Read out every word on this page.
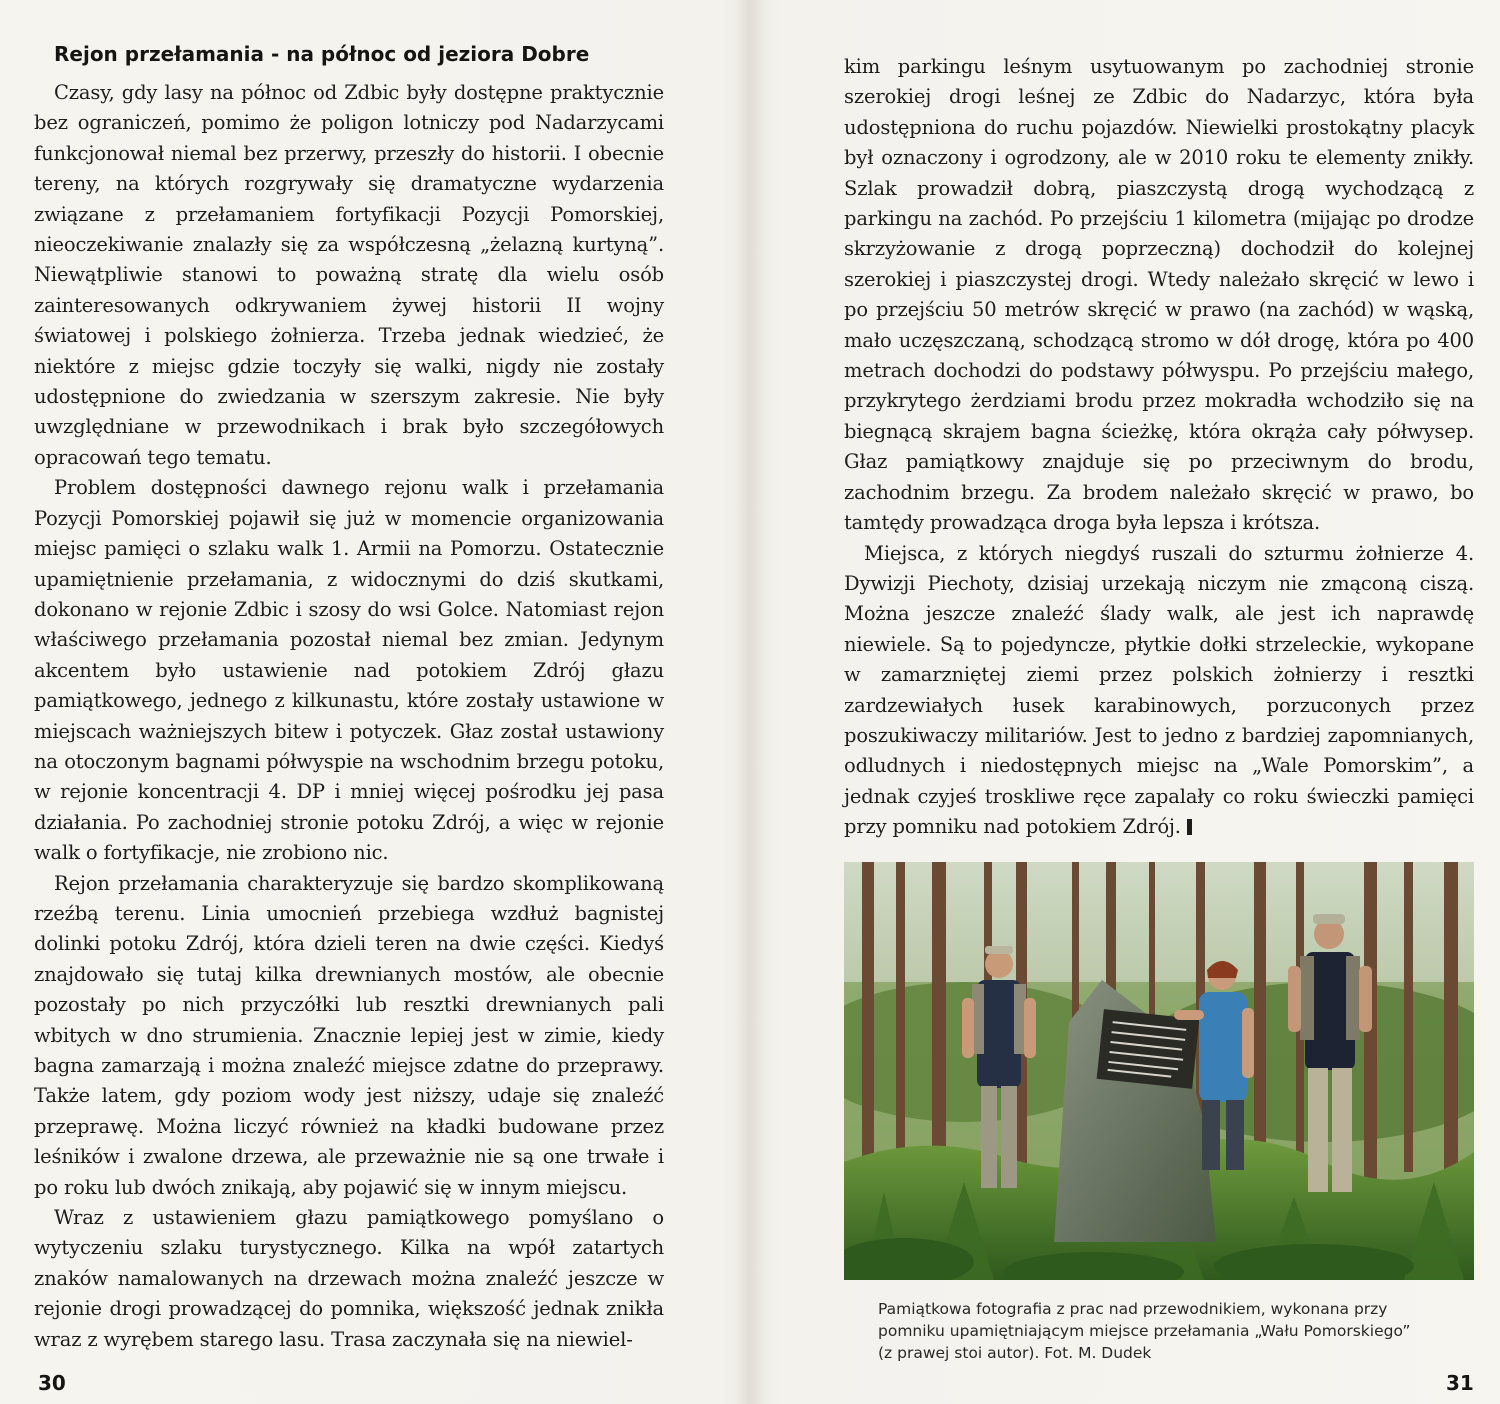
Rejon przełamania - na północ od jeziora Dobre

Czasy, gdy lasy na północ od Zdbic były dostępne praktycznie bez ograniczeń, pomimo że poligon lotniczy pod Nadarzycami funkcjonował niemal bez przerwy, przeszły do historii. I obecnie tereny, na których rozgrywały się dramatyczne wydarzenia związane z przełamaniem fortyfikacji Pozycji Pomorskiej, nieoczekiwanie znalazły się za współczesną „żelazną kurtyną”. Niewątpliwie stanowi to poważną stratę dla wielu osób zainteresowanych odkrywaniem żywej historii II wojny światowej i polskiego żołnierza. Trzeba jednak wiedzieć, że niektóre z miejsc gdzie toczyły się walki, nigdy nie zostały udostępnione do zwiedzania w szerszym zakresie. Nie były uwzględniane w przewodnikach i brak było szczegółowych opracowań tego tematu.

Problem dostępności dawnego rejonu walk i przełamania Pozycji Pomorskiej pojawił się już w momencie organizowania miejsc pamięci o szlaku walk 1. Armii na Pomorzu. Ostatecznie upamiętnienie przełamania, z widocznymi do dziś skutkami, dokonano w rejonie Zdbic i szosy do wsi Golce. Natomiast rejon właściwego przełamania pozostał niemal bez zmian. Jedynym akcentem było ustawienie nad potokiem Zdrój głazu pamiątkowego, jednego z kilkunastu, które zostały ustawione w miejscach ważniejszych bitew i potyczek. Głaz został ustawiony na otoczonym bagnami półwyspie na wschodnim brzegu potoku, w rejonie koncentracji 4. DP i mniej więcej pośrodku jej pasa działania. Po zachodniej stronie potoku Zdrój, a więc w rejonie walk o fortyfikacje, nie zrobiono nic.

Rejon przełamania charakteryzuje się bardzo skomplikowaną rzeźbą terenu. Linia umocnień przebiega wzdłuż bagnistej dolinki potoku Zdrój, która dzieli teren na dwie części. Kiedyś znajdowało się tutaj kilka drewnianych mostów, ale obecnie pozostały po nich przyczółki lub resztki drewnianych pali wbitych w dno strumienia. Znacznie lepiej jest w zimie, kiedy bagna zamarzają i można znaleźć miejsce zdatne do przeprawy. Także latem, gdy poziom wody jest niższy, udaje się znaleźć przeprawę. Można liczyć również na kładki budowane przez leśników i zwalone drzewa, ale przeważnie nie są one trwałe i po roku lub dwóch znikają, aby pojawić się w innym miejscu.

Wraz z ustawieniem głazu pamiątkowego pomyślano o wytyczeniu szlaku turystycznego. Kilka na wpół zatartych znaków namalowanych na drzewach można znaleźć jeszcze w rejonie drogi prowadzącej do pomnika, większość jednak znikła wraz z wyrębem starego lasu. Trasa zaczynała się na niewiel-

30

kim parkingu leśnym usytuowanym po zachodniej stronie szerokiej drogi leśnej ze Zdbic do Nadarzyc, która była udostępniona do ruchu pojazdów. Niewielki prostokątny placyk był oznaczony i ogrodzony, ale w 2010 roku te elementy znikły. Szlak prowadził dobrą, piaszczystą drogą wychodzącą z parkingu na zachód. Po przejściu 1 kilometra (mijając po drodze skrzyżowanie z drogą poprzeczną) dochodził do kolejnej szerokiej i piaszczystej drogi. Wtedy należało skręcić w lewo i po przejściu 50 metrów skręcić w prawo (na zachód) w wąską, mało uczęszczaną, schodzącą stromo w dół drogę, która po 400 metrach dochodzi do podstawy półwyspu. Po przejściu małego, przykrytego żerdziami brodu przez mokradła wchodziło się na biegnącą skrajem bagna ścieżkę, która okrąża cały półwysep. Głaz pamiątkowy znajduje się po przeciwnym do brodu, zachodnim brzegu. Za brodem należało skręcić w prawo, bo tamtędy prowadząca droga była lepsza i krótsza.

Miejsca, z których niegdyś ruszali do szturmu żołnierze 4. Dywizji Piechoty, dzisiaj urzekają niczym nie zmąconą ciszą. Można jeszcze znaleźć ślady walk, ale jest ich naprawdę niewiele. Są to pojedyncze, płytkie dołki strzeleckie, wykopane w zamarzniętej ziemi przez polskich żołnierzy i resztki zardzewiałych łusek karabinowych, porzuconych przez poszukiwaczy militariów. Jest to jedno z bardziej zapomnianych, odludnych i niedostępnych miejsc na „Wale Pomorskim”, a jednak czyjeś troskliwe ręce zapalały co roku świeczki pamięci przy pomniku nad potokiem Zdrój.

Pamiątkowa fotografia z prac nad przewodnikiem, wykonana przy
pomniku upamiętniającym miejsce przełamania „Wału Pomorskiego”
(z prawej stoi autor). Fot. M. Dudek

31
